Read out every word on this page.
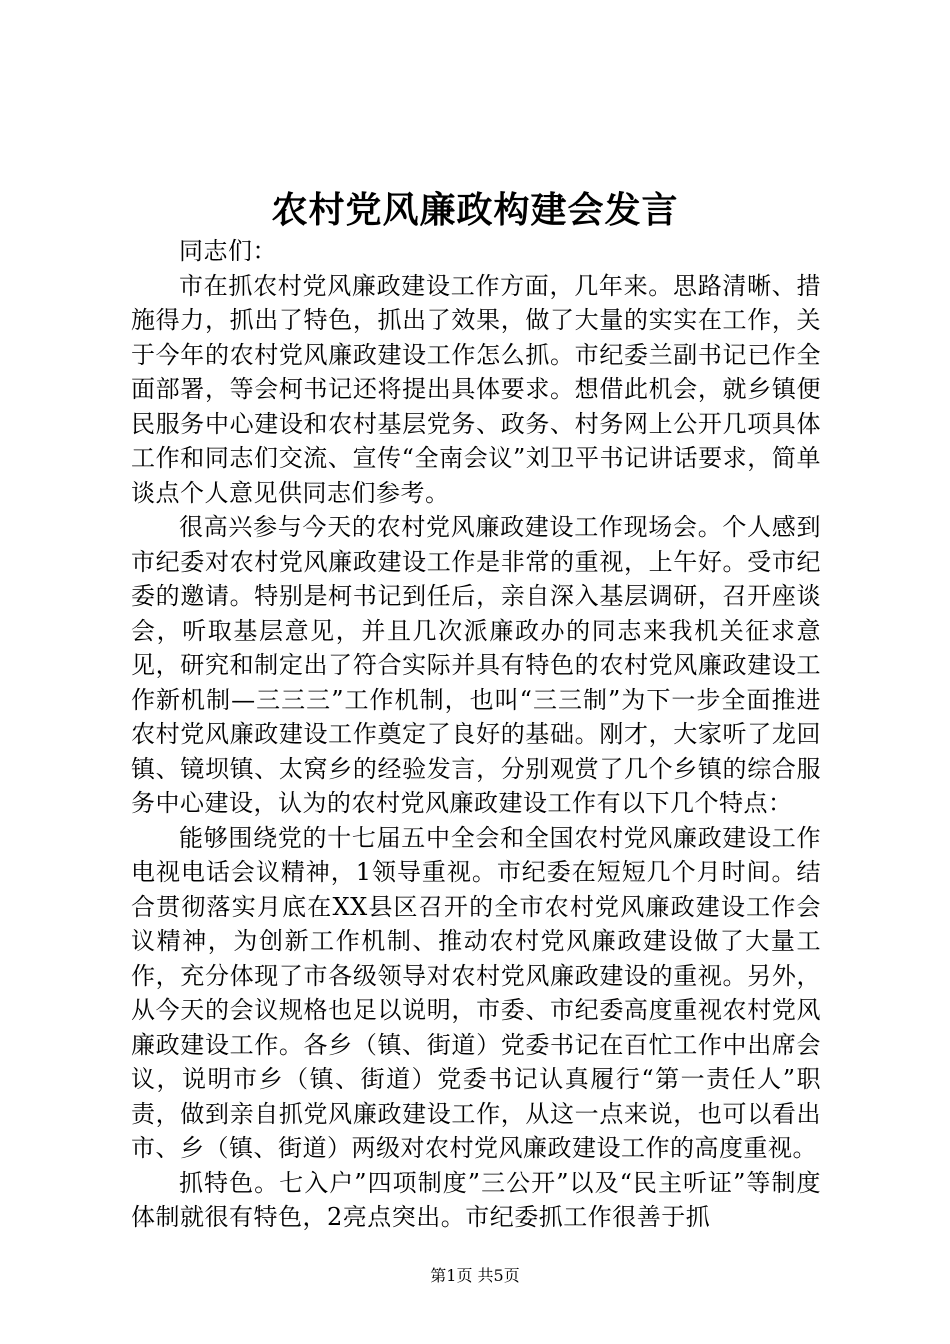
农村党风廉政构建会发言

同志们：

市在抓农村党风廉政建设工作方面，几年来。思路清晰、措施得力，抓出了特色，抓出了效果，做了大量的实实在工作，关于今年的农村党风廉政建设工作怎么抓。市纪委兰副书记已作全面部署，等会柯书记还将提出具体要求。想借此机会，就乡镇便民服务中心建设和农村基层党务、政务、村务网上公开几项具体工作和同志们交流、宣传“全南会议”刘卫平书记讲话要求，简单谈点个人意见供同志们参考。

很高兴参与今天的农村党风廉政建设工作现场会。个人感到市纪委对农村党风廉政建设工作是非常的重视，上午好。受市纪委的邀请。特别是柯书记到任后，亲自深入基层调研，召开座谈会，听取基层意见，并且几次派廉政办的同志来我机关征求意见，研究和制定出了符合实际并具有特色的农村党风廉政建设工作新机制—三三三”工作机制，也叫“三三制”为下一步全面推进农村党风廉政建设工作奠定了良好的基础。刚才，大家听了龙回镇、镜坝镇、太窝乡的经验发言，分别观赏了几个乡镇的综合服务中心建设，认为的农村党风廉政建设工作有以下几个特点：

能够围绕党的十七届五中全会和全国农村党风廉政建设工作电视电话会议精神，1领导重视。市纪委在短短几个月时间。结合贯彻落实月底在XX县区召开的全市农村党风廉政建设工作会议精神，为创新工作机制、推动农村党风廉政建设做了大量工作，充分体现了市各级领导对农村党风廉政建设的重视。另外，从今天的会议规格也足以说明，市委、市纪委高度重视农村党风廉政建设工作。各乡（镇、街道）党委书记在百忙工作中出席会议，说明市乡（镇、街道）党委书记认真履行“第一责任人”职责，做到亲自抓党风廉政建设工作，从这一点来说，也可以看出市、乡（镇、街道）两级对农村党风廉政建设工作的高度重视。

抓特色。七入户”四项制度”三公开”以及“民主听证”等制度体制就很有特色，2亮点突出。市纪委抓工作很善于抓

第1页 共5页
